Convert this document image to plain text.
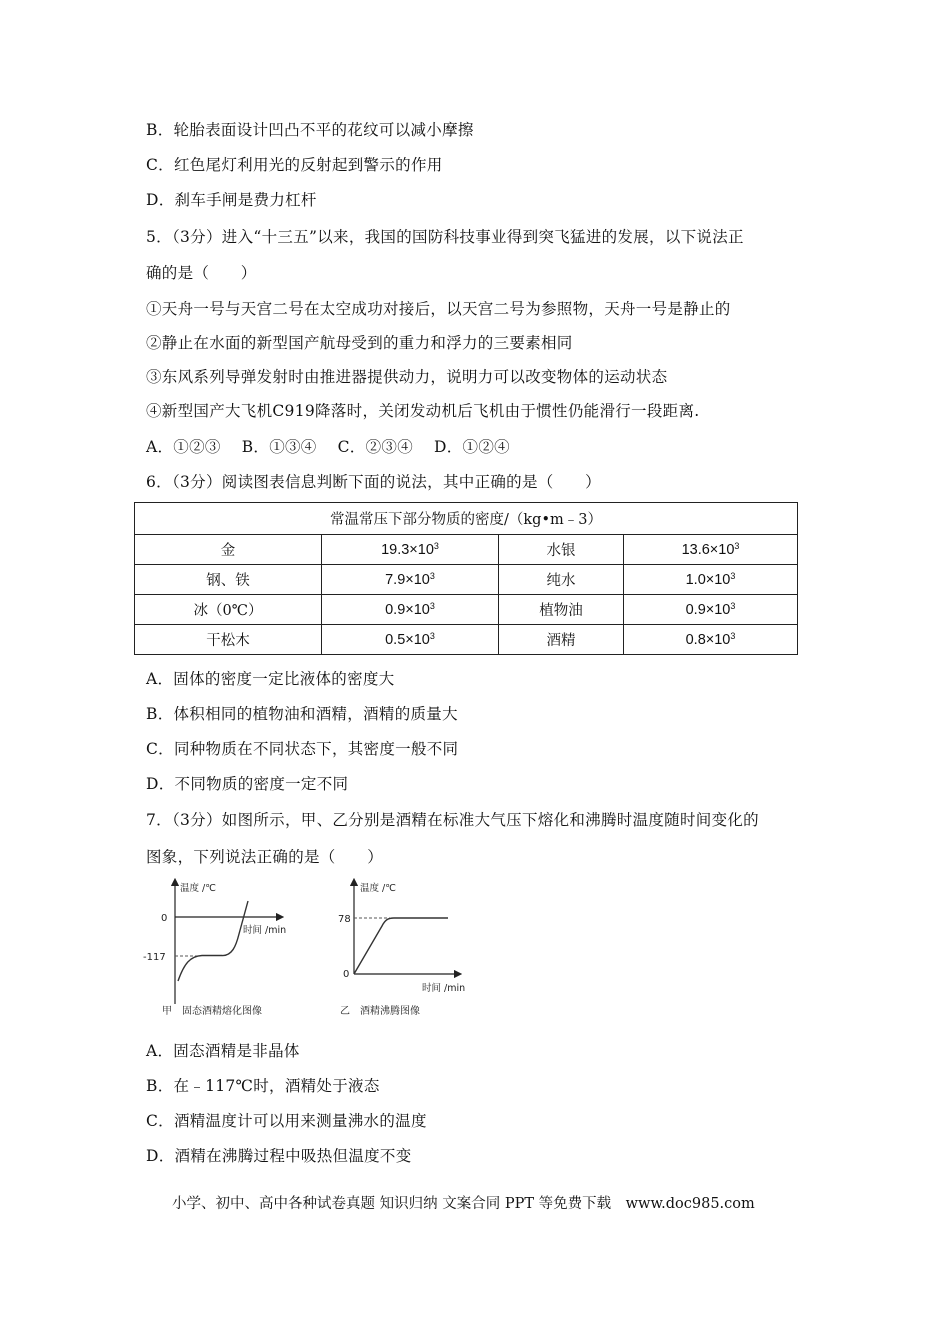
B．轮胎表面设计凹凸不平的花纹可以减小摩擦
C．红色尾灯利用光的反射起到警示的作用
D．刹车手闸是费力杠杆
5．（3分）进入“十三五”以来，我国的国防科技事业得到突飞猛进的发展，以下说法正
确的是（　　）
①天舟一号与天宫二号在太空成功对接后，以天宫二号为参照物，天舟一号是静止的
②静止在水面的新型国产航母受到的重力和浮力的三要素相同
③东风系列导弹发射时由推进器提供动力，说明力可以改变物体的运动状态
④新型国产大飞机C919降落时，关闭发动机后飞机由于惯性仍能滑行一段距离.
A．①②③　 B．①③④　 C．②③④　 D．①②④
6．（3分）阅读图表信息判断下面的说法，其中正确的是（　　）
常温常压下部分物质的密度/（kg•m﹣3）			
金	$19.3\times 10^3$	水银	$13.6\times 10^3$
钢、铁	$7.9\times 10^3$	纯水	$1.0\times 10^3$
冰（0℃）	$0.9\times 10^3$	植物油	$0.9\times 10^3$
干松木	$0.5\times 10^3$	酒精	$0.8\times 10^3$
A．固体的密度一定比液体的密度大
B．体积相同的植物油和酒精，酒精的质量大
C．同种物质在不同状态下，其密度一般不同
D．不同物质的密度一定不同
7．（3分）如图所示，甲、乙分别是酒精在标准大气压下熔化和沸腾时温度随时间变化的
图象，下列说法正确的是（　　）
温度 /℃
时间 /min
0
-117
甲　固态酒精熔化图像
温度 /℃
时间 /min
0
78
乙　酒精沸腾图像
A．固态酒精是非晶体
B．在﹣117℃时，酒精处于液态
C．酒精温度计可以用来测量沸水的温度
D．酒精在沸腾过程中吸热但温度不变
小学、初中、高中各种试卷真题 知识归纳 文案合同 PPT 等免费下载　www.doc985.com
